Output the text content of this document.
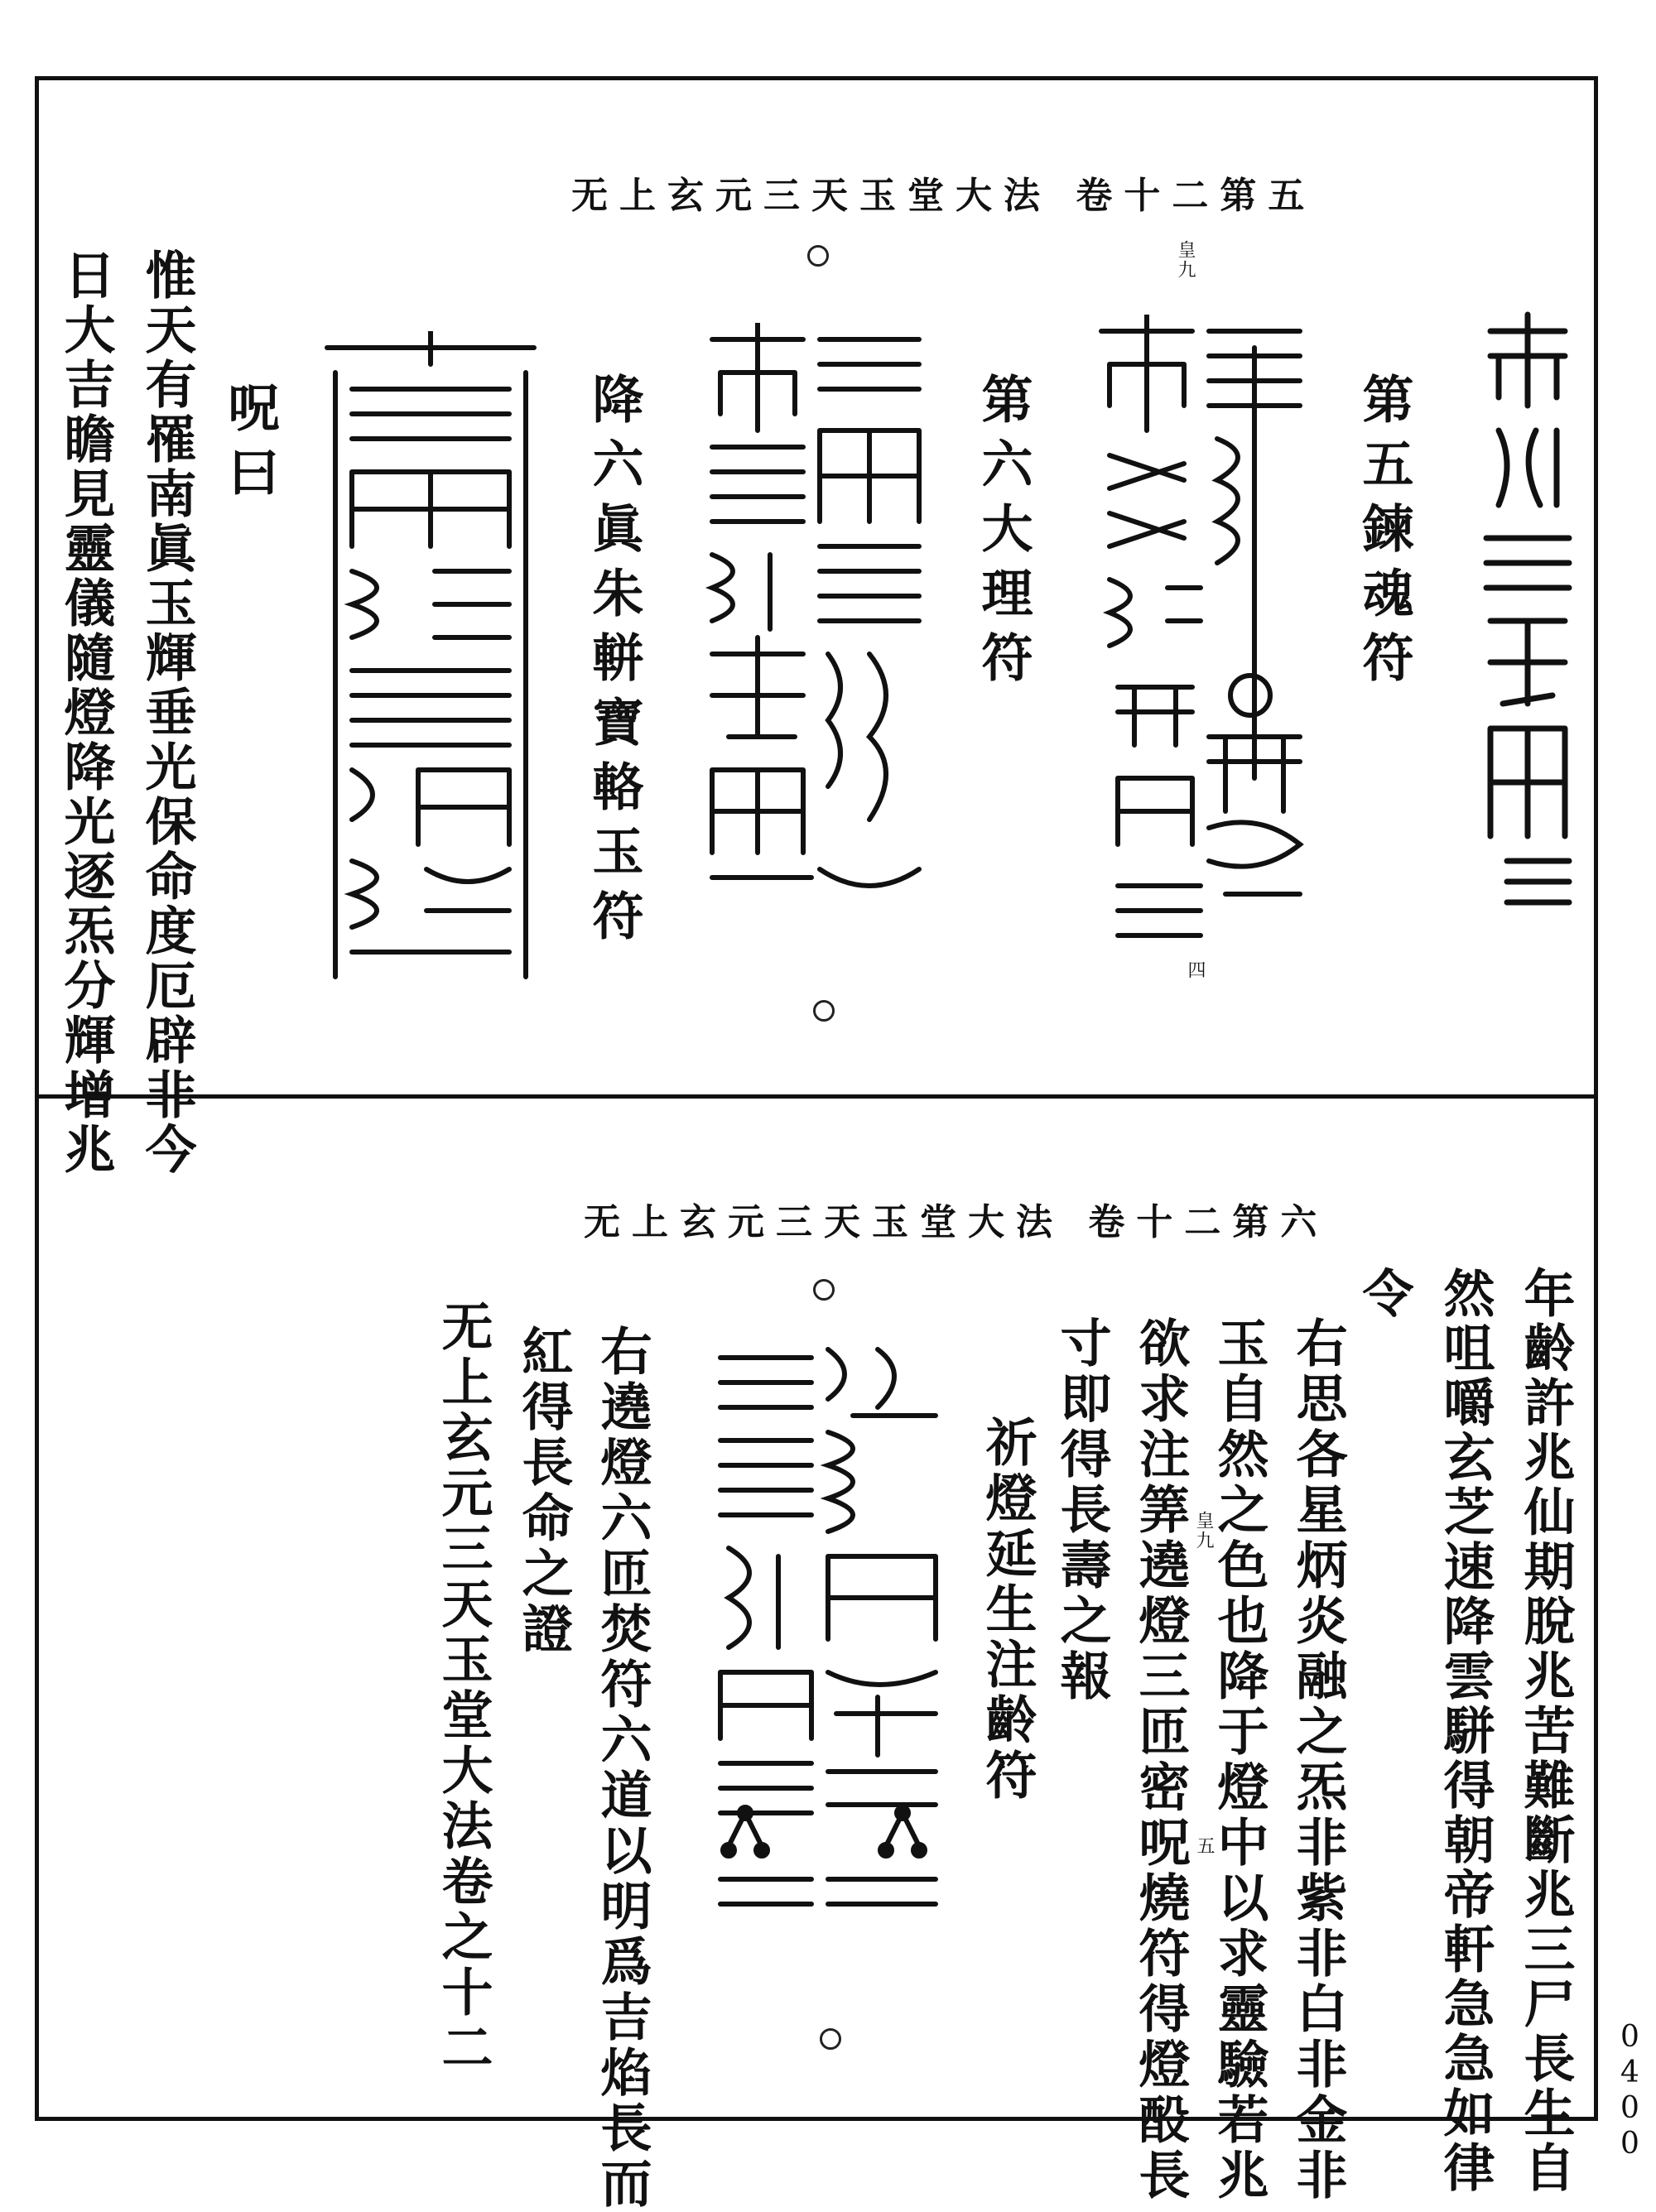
无上玄元三天玉堂大法 卷十二第五
皇九
四
第五鍊魂符
第六大理符
降六眞朱軿寶輅玉符
呪曰
惟天有罹南眞玉輝垂光保命度厄辟非今
日大吉瞻見靈儀隨燈降光逐炁分輝增兆
无上玄元三天玉堂大法 卷十二第六
皇九
五	年齡許兆仙期脫兆苦難斷兆三尸長生自
然咀嚼玄芝速降雲駢得朝帝軒急急如律
令
右思各星炳炎融之炁非紫非白非金非
玉自然之色也降于燈中以求靈驗若兆
欲求注筭遶燈三匝密呪燒符得燈酘長
寸即得長壽之報
祈燈延生注齡符
右遶燈六匝焚符六道以明爲吉焰長而
紅得長命之證
无上玄元三天玉堂大法卷之十二
0400
